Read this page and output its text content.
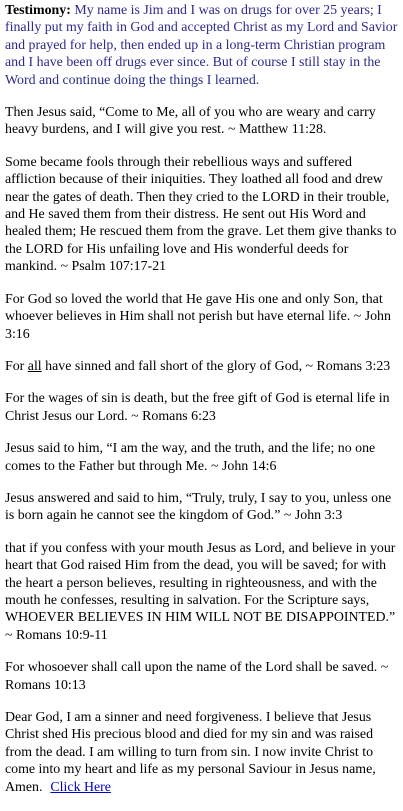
Testimony: My name is Jim and I was on drugs for over 25 years; I finally put my faith in God and accepted Christ as my Lord and Savior and prayed for help, then ended up in a long-term Christian program and I have been off drugs ever since. But of course I still stay in the Word and continue doing the things I learned.

Then Jesus said, “Come to Me, all of you who are weary and carry heavy burdens, and I will give you rest. ~ Matthew 11:28.

Some became fools through their rebellious ways and suffered affliction because of their iniquities. They loathed all food and drew near the gates of death. Then they cried to the LORD in their trouble, and He saved them from their distress. He sent out His Word and healed them; He rescued them from the grave. Let them give thanks to the LORD for His unfailing love and His wonderful deeds for mankind. ~ Psalm 107:17-21

For God so loved the world that He gave His one and only Son, that whoever believes in Him shall not perish but have eternal life. ~ John 3:16

For all have sinned and fall short of the glory of God, ~ Romans 3:23

For the wages of sin is death, but the free gift of God is eternal life in Christ Jesus our Lord. ~ Romans 6:23

Jesus said to him, “I am the way, and the truth, and the life; no one comes to the Father but through Me. ~ John 14:6

Jesus answered and said to him, “Truly, truly, I say to you, unless one is born again he cannot see the kingdom of God.” ~ John 3:3

that if you confess with your mouth Jesus as Lord, and believe in your heart that God raised Him from the dead, you will be saved; for with the heart a person believes, resulting in righteousness, and with the mouth he confesses, resulting in salvation. For the Scripture says, WHOEVER BELIEVES IN HIM WILL NOT BE DISAPPOINTED.” ~ Romans 10:9-11

For whosoever shall call upon the name of the Lord shall be saved. ~ Romans 10:13

Dear God, I am a sinner and need forgiveness. I believe that Jesus Christ shed His precious blood and died for my sin and was raised from the dead. I am willing to turn from sin. I now invite Christ to come into my heart and life as my personal Saviour in Jesus name, Amen. Click Here
